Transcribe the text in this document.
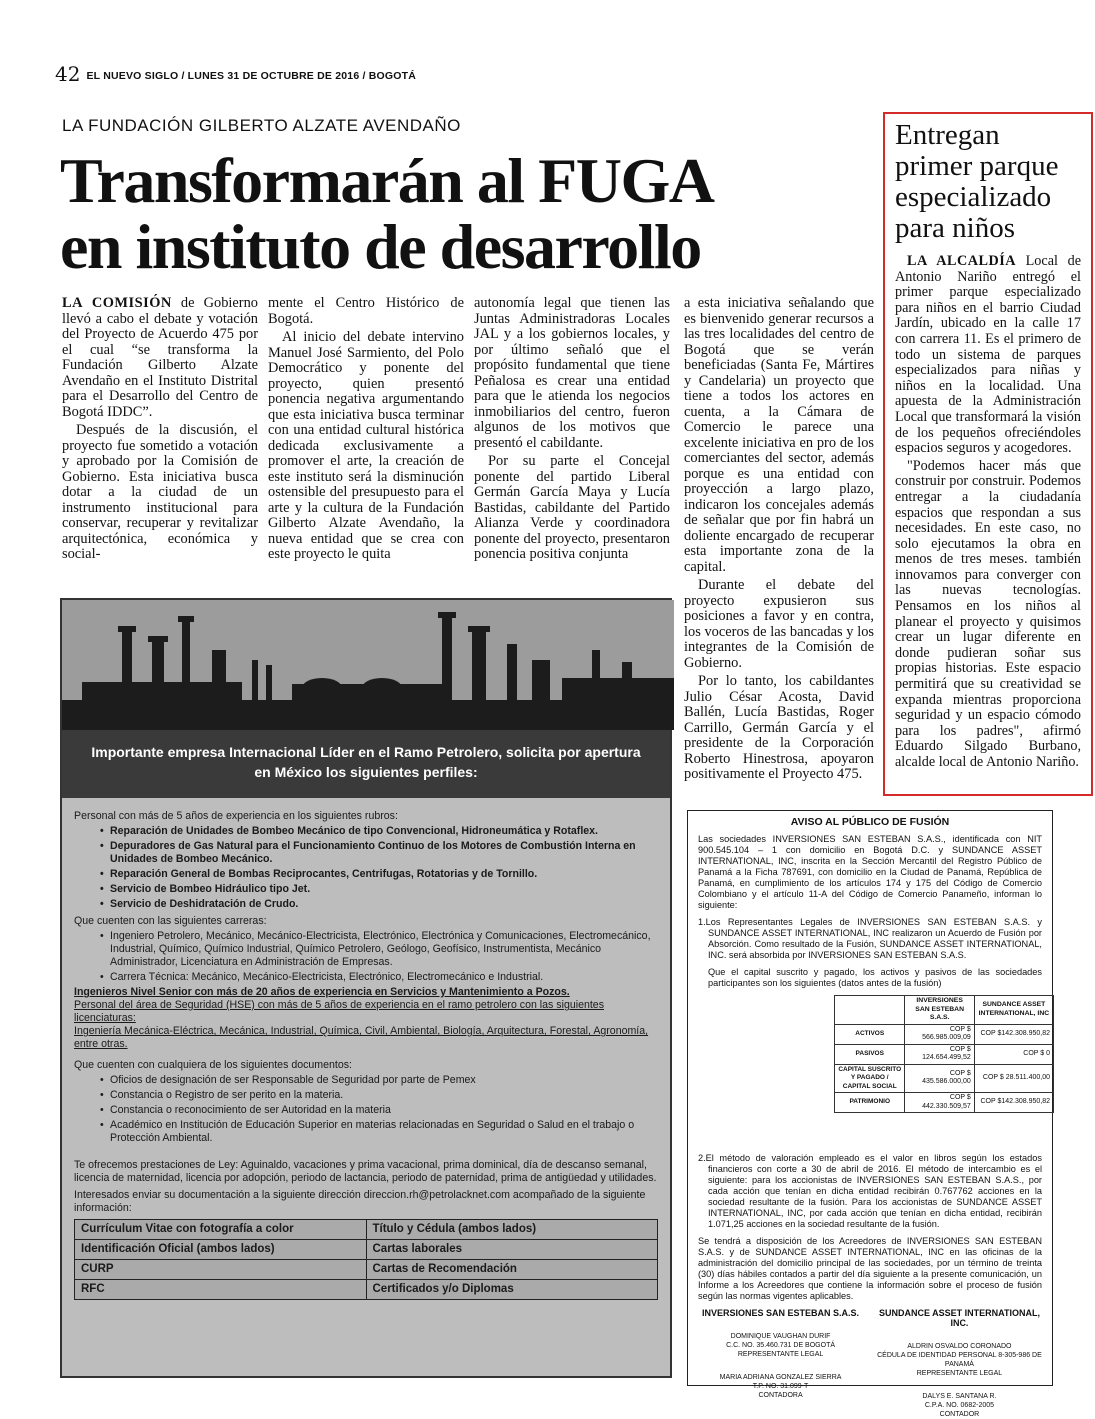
42 EL NUEVO SIGLO / LUNES 31 DE OCTUBRE DE 2016 / BOGOTÁ
LA FUNDACIÓN GILBERTO ALZATE AVENDAÑO
Transformarán al FUGA
en instituto de desarrollo

LA COMISIÓN de Gobierno llevó a cabo el debate y votación del Proyecto de Acuerdo 475 por el cual “se transforma la Fundación Gilberto Alzate Avendaño en el Instituto Distrital para el Desarrollo del Centro de Bogotá IDDC”.

Después de la discusión, el proyecto fue sometido a votación y aprobado por la Comisión de Gobierno. Esta iniciativa busca dotar a la ciudad de un instrumento institucional para conservar, recuperar y revitalizar arquitectónica, económica y social-

mente el Centro Histórico de Bogotá.

Al inicio del debate intervino Manuel José Sarmiento, del Polo Democrático y ponente del proyecto, quien presentó ponencia negativa argumentando que esta iniciativa busca terminar con una entidad cultural histórica dedicada exclusivamente a promover el arte, la creación de este instituto será la disminución ostensible del presupuesto para el arte y la cultura de la Fundación Gilberto Alzate Avendaño, la nueva entidad que se crea con este proyecto le quita

autonomía legal que tienen las Juntas Administradoras Locales JAL y a los gobiernos locales, y por último señaló que el propósito fundamental que tiene Peñalosa es crear una entidad para que le atienda los negocios inmobiliarios del centro, fueron algunos de los motivos que presentó el cabildante.

Por su parte el Concejal ponente del partido Liberal Germán García Maya y Lucía Bastidas, cabildante del Partido Alianza Verde y coordinadora ponente del proyecto, presentaron ponencia positiva conjunta

a esta iniciativa señalando que es bienvenido generar recursos a las tres localidades del centro de Bogotá que se verán beneficiadas (Santa Fe, Mártires y Candelaria) un proyecto que tiene a todos los actores en cuenta, a la Cámara de Comercio le parece una excelente iniciativa en pro de los comerciantes del sector, además porque es una entidad con proyección a largo plazo, indicaron los concejales además de señalar que por fin habrá un doliente encargado de recuperar esta importante zona de la capital.

Durante el debate del proyecto expusieron sus posiciones a favor y en contra, los voceros de las bancadas y los integrantes de la Comisión de Gobierno.

Por lo tanto, los cabildantes Julio César Acosta, David Ballén, Lucía Bastidas, Roger Carrillo, Germán García y el presidente de la Corporación Roberto Hinestrosa, apoyaron positivamente el Proyecto 475.

Entregan primer parque especializado para niños

LA ALCALDÍA Local de Antonio Nariño entregó el primer parque especializado para niños en el barrio Ciudad Jardín, ubicado en la calle 17 con carrera 11. Es el primero de todo un sistema de parques especializados para niñas y niños en la localidad. Una apuesta de la Administración Local que transformará la visión de los pequeños ofreciéndoles espacios seguros y acogedores.

"Podemos hacer más que construir por construir. Podemos entregar a la ciudadanía espacios que respondan a sus necesidades. En este caso, no solo ejecutamos la obra en menos de tres meses. también innovamos para converger con las nuevas tecnologías. Pensamos en los niños al planear el proyecto y quisimos crear un lugar diferente en donde pudieran soñar sus propias historias. Este espacio permitirá que su creatividad se expanda mientras proporciona seguridad y un espacio cómodo para los padres", afirmó Eduardo Silgado Burbano, alcalde local de Antonio Nariño.

Importante empresa Internacional Líder en el Ramo Petrolero, solicita por apertura en México los siguientes perfiles:
Personal con más de 5 años de experiencia en los siguientes rubros:
• Reparación de Unidades de Bombeo Mecánico de tipo Convencional, Hidroneumática y Rotaflex.
• Depuradores de Gas Natural para el Funcionamiento Continuo de los Motores de Combustión Interna en Unidades de Bombeo Mecánico.
• Reparación General de Bombas Reciprocantes, Centrifugas, Rotatorias y de Tornillo.
• Servicio de Bombeo Hidráulico tipo Jet.
• Servicio de Deshidratación de Crudo.
Que cuenten con las siguientes carreras:
• Ingeniero Petrolero, Mecánico, Mecánico-Electricista, Electrónico, Electrónica y Comunicaciones, Electromecánico, Industrial, Químico, Químico Industrial, Químico Petrolero, Geólogo, Geofísico, Instrumentista, Mecánico Administrador, Licenciatura en Administración de Empresas.
• Carrera Técnica: Mecánico, Mecánico-Electricista, Electrónico, Electromecánico e Industrial.
Ingenieros Nivel Senior con más de 20 años de experiencia en Servicios y Mantenimiento a Pozos.
Personal del área de Seguridad (HSE) con más de 5 años de experiencia en el ramo petrolero con las siguientes licenciaturas:
Ingeniería Mecánica-Eléctrica, Mecánica, Industrial, Química, Civil, Ambiental, Biología, Arquitectura, Forestal, Agronomía, entre otras.
Que cuenten con cualquiera de los siguientes documentos:
• Oficios de designación de ser Responsable de Seguridad por parte de Pemex
• Constancia o Registro de ser perito en la materia.
• Constancia o reconocimiento de ser Autoridad en la materia
• Académico en Institución de Educación Superior en materias relacionadas en Seguridad o Salud en el trabajo o Protección Ambiental.
Te ofrecemos prestaciones de Ley: Aguinaldo, vacaciones y prima vacacional, prima dominical, día de descanso semanal, licencia de maternidad, licencia por adopción, periodo de lactancia, periodo de paternidad, prima de antigüedad y utilidades.
Interesados enviar su documentación a la siguiente dirección direccion.rh@petrolacknet.com acompañado de la siguiente información:
Currículum Vitae con fotografía a color	Título y Cédula (ambos lados)
Identificación Oficial (ambos lados)	Cartas laborales
CURP	Cartas de Recomendación
RFC	Certificados y/o Diplomas
AVISO AL PÚBLICO DE FUSIÓN

Las sociedades INVERSIONES SAN ESTEBAN S.A.S., identificada con NIT 900.545.104 – 1 con domicilio en Bogotá D.C. y SUNDANCE ASSET INTERNATIONAL, INC, inscrita en la Sección Mercantil del Registro Público de Panamá a la Ficha 787691, con domicilio en la Ciudad de Panamá, República de Panamá, en cumplimiento de los artículos 174 y 175 del Código de Comercio Colombiano y el artículo 11-A del Código de Comercio Panameño, informan lo siguiente:

1.Los Representantes Legales de INVERSIONES SAN ESTEBAN S.A.S. y SUNDANCE ASSET INTERNATIONAL, INC realizaron un Acuerdo de Fusión por Absorción. Como resultado de la Fusión, SUNDANCE ASSET INTERNATIONAL, INC. será absorbida por INVERSIONES SAN ESTEBAN S.A.S.

Que el capital suscrito y pagado, los activos y pasivos de las sociedades participantes son los siguientes (datos antes de la fusión)

	INVERSIONES SAN ESTEBAN S.A.S.	SUNDANCE ASSET INTERNATIONAL, INC
ACTIVOS	COP $ 566.985.009,09	COP $142.308.950,82
PASIVOS	COP $ 124.654.499,52	COP $ 0
CAPITAL SUSCRITO Y PAGADO / CAPITAL SOCIAL	COP $ 435.586.000,00	COP $ 28.511.400,00
PATRIMONIO	COP $ 442.330.509,57	COP $142.308.950,82

2.El método de valoración empleado es el valor en libros según los estados financieros con corte a 30 de abril de 2016. El método de intercambio es el siguiente: para los accionistas de INVERSIONES SAN ESTEBAN S.A.S., por cada acción que tenían en dicha entidad recibirán 0.767762 acciones en la sociedad resultante de la fusión. Para los accionistas de SUNDANCE ASSET INTERNATIONAL, INC, por cada acción que tenían en dicha entidad, recibirán 1.071,25 acciones en la sociedad resultante de la fusión.

Se tendrá a disposición de los Acreedores de INVERSIONES SAN ESTEBAN S.A.S. y de SUNDANCE ASSET INTERNATIONAL, INC en las oficinas de la administración del domicilio principal de las sociedades, por un término de treinta (30) días hábiles contados a partir del día siguiente a la presente comunicación, un Informe a los Acreedores que contiene la información sobre el proceso de fusión según las normas vigentes aplicables.

INVERSIONES SAN ESTEBAN S.A.S.
DOMINIQUE VAUGHAN DURIF
C.C. NO. 35.460.731 DE BOGOTÁ
REPRESENTANTE LEGAL
MARIA ADRIANA GONZALEZ SIERRA
T.P. NO. 31.099-T
CONTADORA
SUNDANCE ASSET INTERNATIONAL, INC.
ALDRIN OSVALDO CORONADO
CÉDULA DE IDENTIDAD PERSONAL 8-305-986 DE PANAMÁ
REPRESENTANTE LEGAL
DALYS E. SANTANA R.
C.P.A. NO. 0682-2005
CONTADOR
